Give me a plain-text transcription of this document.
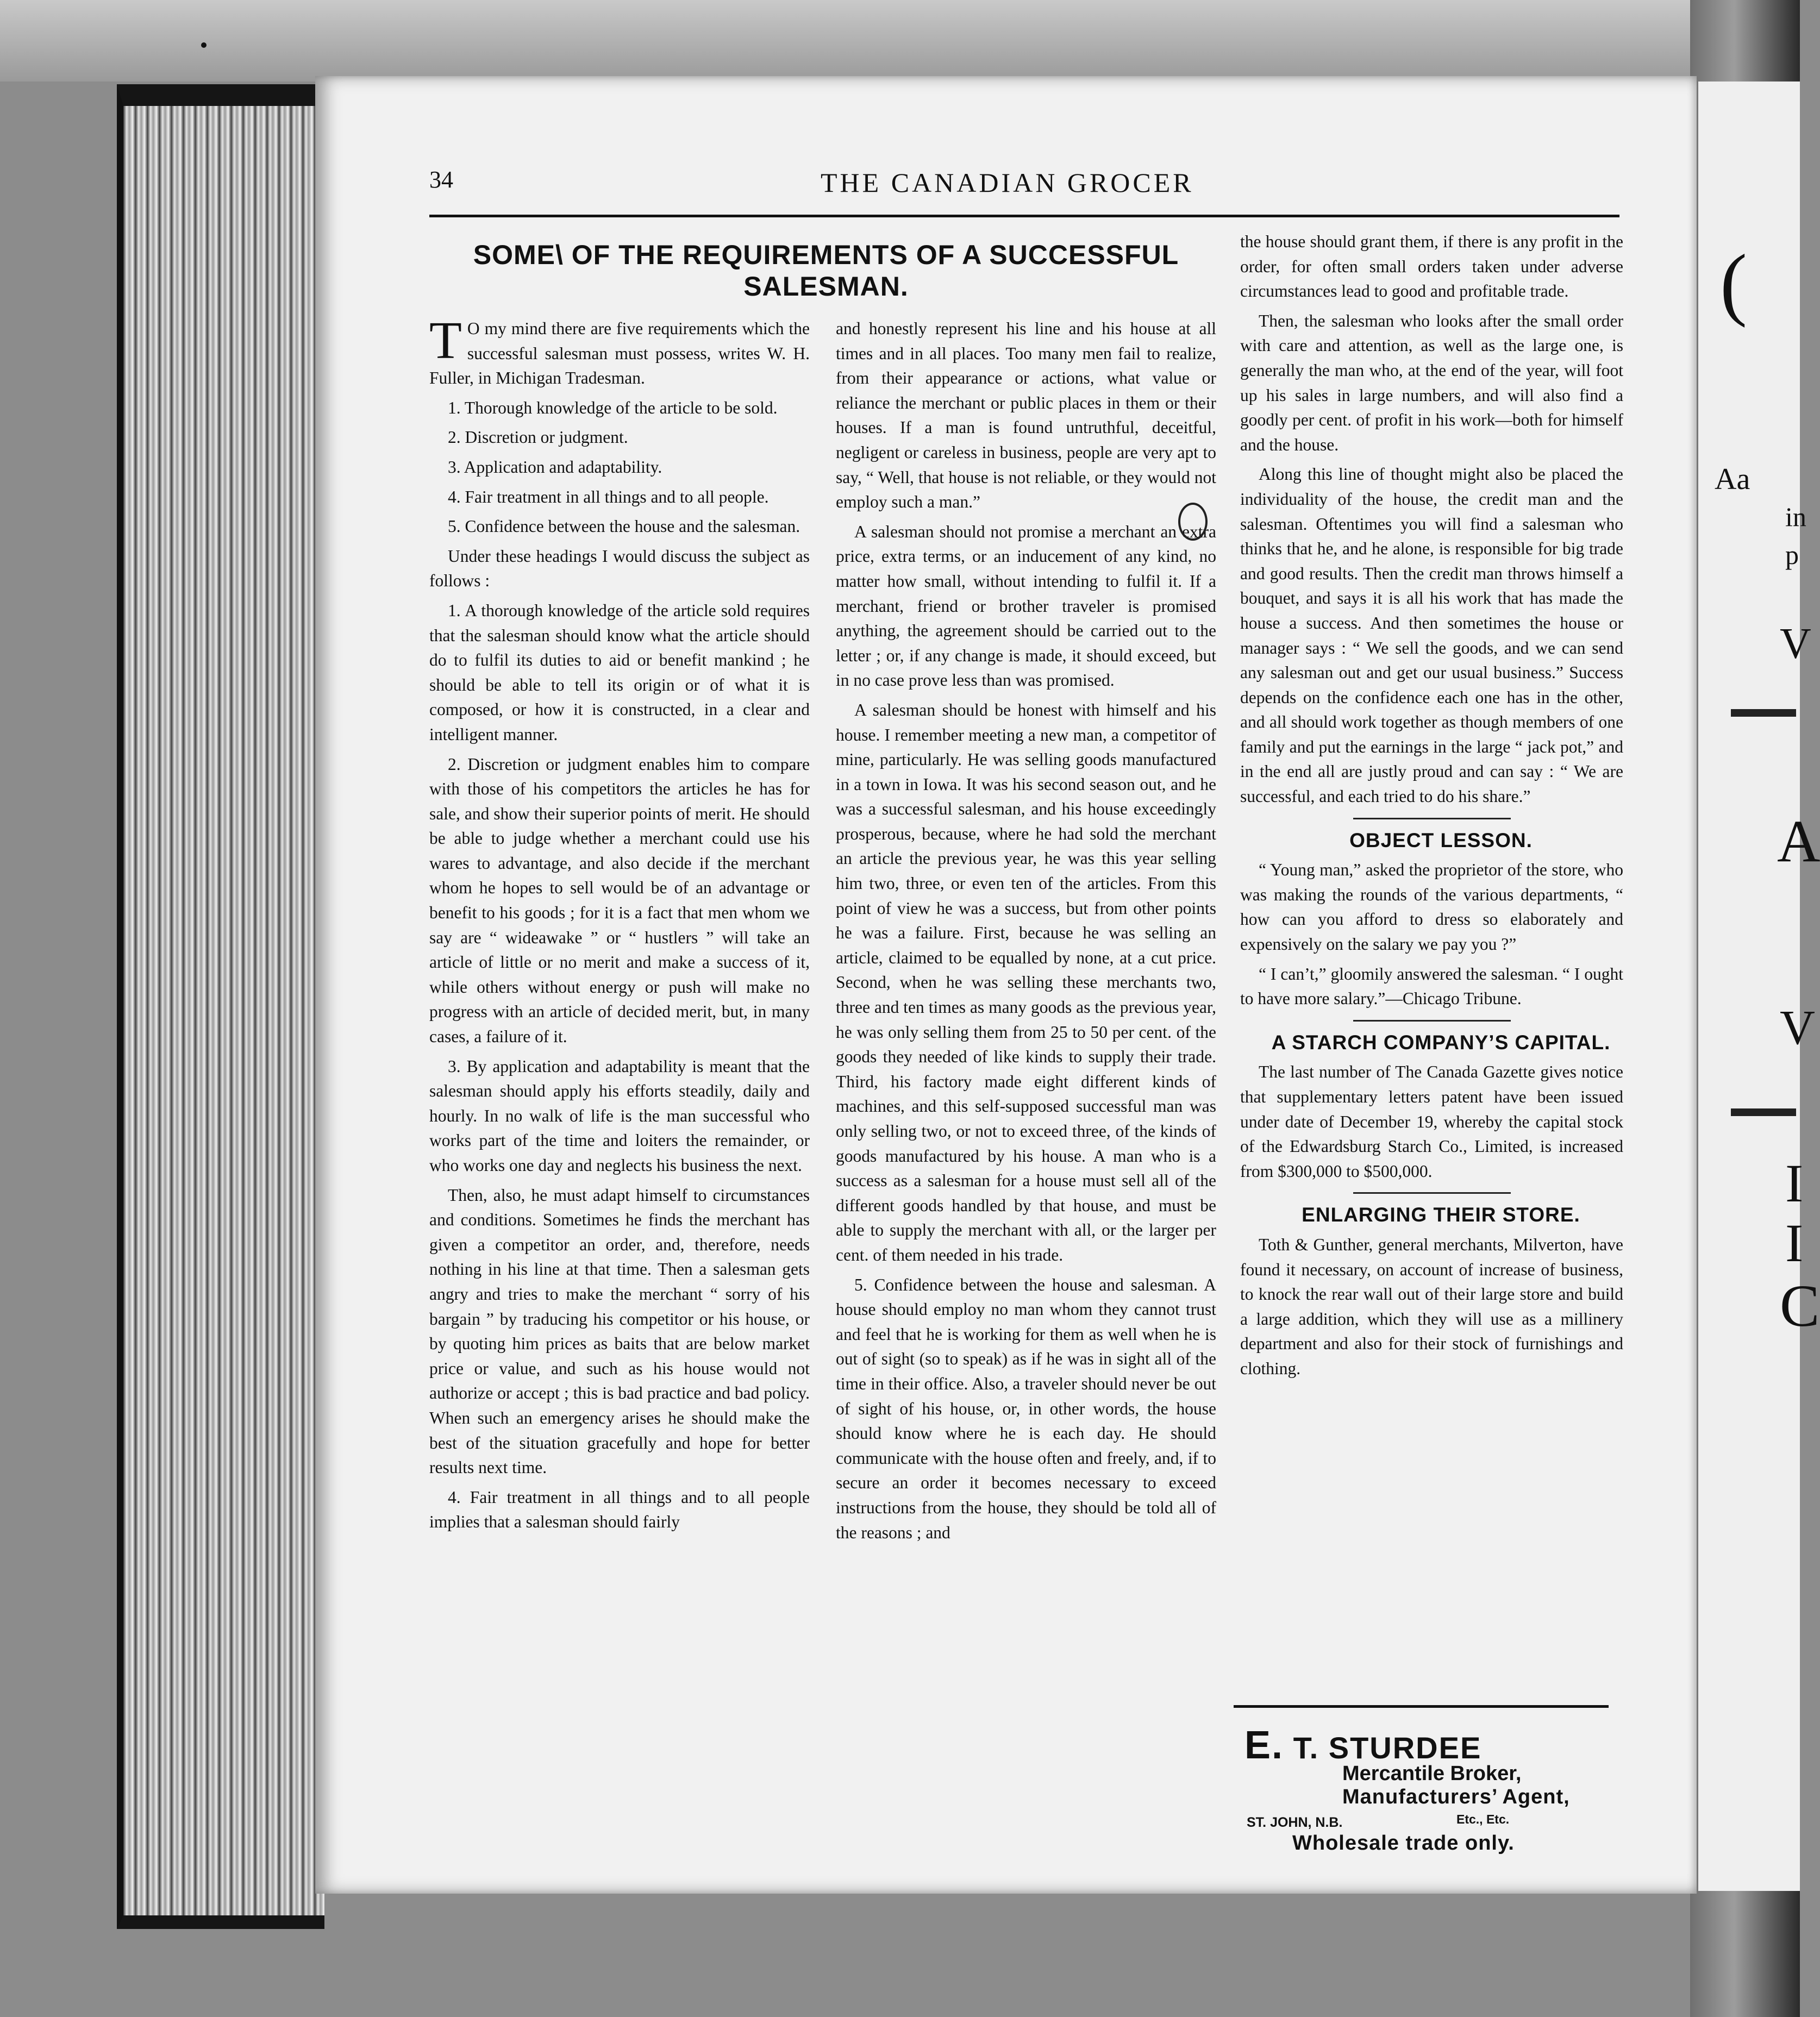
(
Aa
in
p
V
A
V
I
I
C
34	THE CANADIAN GROCER
SOME\ OF THE REQUIREMENTS OF A SUCCESSFUL SALESMAN.

T O my mind there are five requirements which the successful salesman must possess, writes W. H. Fuller, in Michigan Tradesman.

1. Thorough knowledge of the article to be sold.

2. Discretion or judgment.

3. Application and adaptability.

4. Fair treatment in all things and to all people.

5. Confidence between the house and the salesman.

Under these headings I would discuss the subject as follows :

1. A thorough knowledge of the article sold requires that the salesman should know what the article should do to fulfil its duties to aid or benefit mankind ; he should be able to tell its origin or of what it is composed, or how it is constructed, in a clear and intelligent manner.

2. Discretion or judgment enables him to compare with those of his competitors the articles he has for sale, and show their superior points of merit. He should be able to judge whether a merchant could use his wares to advantage, and also decide if the merchant whom he hopes to sell would be of an advantage or benefit to his goods ; for it is a fact that men whom we say are “ wideawake ” or “ hustlers ” will take an article of little or no merit and make a success of it, while others without energy or push will make no progress with an article of decided merit, but, in many cases, a failure of it.

3. By application and adaptability is meant that the salesman should apply his efforts steadily, daily and hourly. In no walk of life is the man successful who works part of the time and loiters the remainder, or who works one day and neglects his business the next.

Then, also, he must adapt himself to circumstances and conditions. Sometimes he finds the merchant has given a competitor an order, and, therefore, needs nothing in his line at that time. Then a salesman gets angry and tries to make the merchant “ sorry of his bargain ” by traducing his competitor or his house, or by quoting him prices as baits that are below market price or value, and such as his house would not authorize or accept ; this is bad practice and bad policy. When such an emergency arises he should make the best of the situation gracefully and hope for better results next time.

4. Fair treatment in all things and to all people implies that a salesman should fairly

and honestly represent his line and his house at all times and in all places. Too many men fail to realize, from their appearance or actions, what value or reliance the merchant or public places in them or their houses. If a man is found untruthful, deceitful, negligent or careless in business, people are very apt to say, “ Well, that house is not reliable, or they would not employ such a man.”

A salesman should not promise a merchant an extra price, extra terms, or an inducement of any kind, no matter how small, without intending to fulfil it. If a merchant, friend or brother traveler is promised anything, the agreement should be carried out to the letter ; or, if any change is made, it should exceed, but in no case prove less than was promised.

A salesman should be honest with himself and his house. I remember meeting a new man, a competitor of mine, particularly. He was selling goods manufactured in a town in Iowa. It was his second season out, and he was a successful salesman, and his house exceedingly prosperous, because, where he had sold the merchant an article the previous year, he was this year selling him two, three, or even ten of the articles. From this point of view he was a success, but from other points he was a failure. First, because he was selling an article, claimed to be equalled by none, at a cut price. Second, when he was selling these merchants two, three and ten times as many goods as the previous year, he was only selling them from 25 to 50 per cent. of the goods they needed of like kinds to supply their trade. Third, his factory made eight different kinds of machines, and this self-supposed successful man was only selling two, or not to exceed three, of the kinds of goods manufactured by his house. A man who is a success as a salesman for a house must sell all of the different goods handled by that house, and must be able to supply the merchant with all, or the larger per cent. of them needed in his trade.

5. Confidence between the house and salesman. A house should employ no man whom they cannot trust and feel that he is working for them as well when he is out of sight (so to speak) as if he was in sight all of the time in their office. Also, a traveler should never be out of sight of his house, or, in other words, the house should know where he is each day. He should communicate with the house often and freely, and, if to secure an order it becomes necessary to exceed instructions from the house, they should be told all of the reasons ; and

the house should grant them, if there is any profit in the order, for often small orders taken under adverse circumstances lead to good and profitable trade.

Then, the salesman who looks after the small order with care and attention, as well as the large one, is generally the man who, at the end of the year, will foot up his sales in large numbers, and will also find a goodly per cent. of profit in his work—both for himself and the house.

Along this line of thought might also be placed the individuality of the house, the credit man and the salesman. Oftentimes you will find a salesman who thinks that he, and he alone, is responsible for big trade and good results. Then the credit man throws himself a bouquet, and says it is all his work that has made the house a success. And then sometimes the house or manager says : “ We sell the goods, and we can send any salesman out and get our usual business.” Success depends on the confidence each one has in the other, and all should work together as though members of one family and put the earnings in the large “ jack pot,” and in the end all are justly proud and can say : “ We are successful, and each tried to do his share.”

OBJECT LESSON.

“ Young man,” asked the proprietor of the store, who was making the rounds of the various departments, “ how can you afford to dress so elaborately and expensively on the salary we pay you ?”

“ I can’t,” gloomily answered the salesman. “ I ought to have more salary.”—Chicago Tribune.

A STARCH COMPANY’S CAPITAL.

The last number of The Canada Gazette gives notice that supplementary letters patent have been issued under date of December 19, whereby the capital stock of the Edwardsburg Starch Co., Limited, is increased from $300,000 to $500,000.

ENLARGING THEIR STORE.

Toth & Gunther, general merchants, Milverton, have found it necessary, on account of increase of business, to knock the rear wall out of their large store and build a large addition, which they will use as a millinery department and also for their stock of furnishings and clothing.

E. T. STURDEE
Mercantile Broker,
Manufacturers’ Agent,
ST. JOHN, N.B.	Etc., Etc.
Wholesale trade only.
